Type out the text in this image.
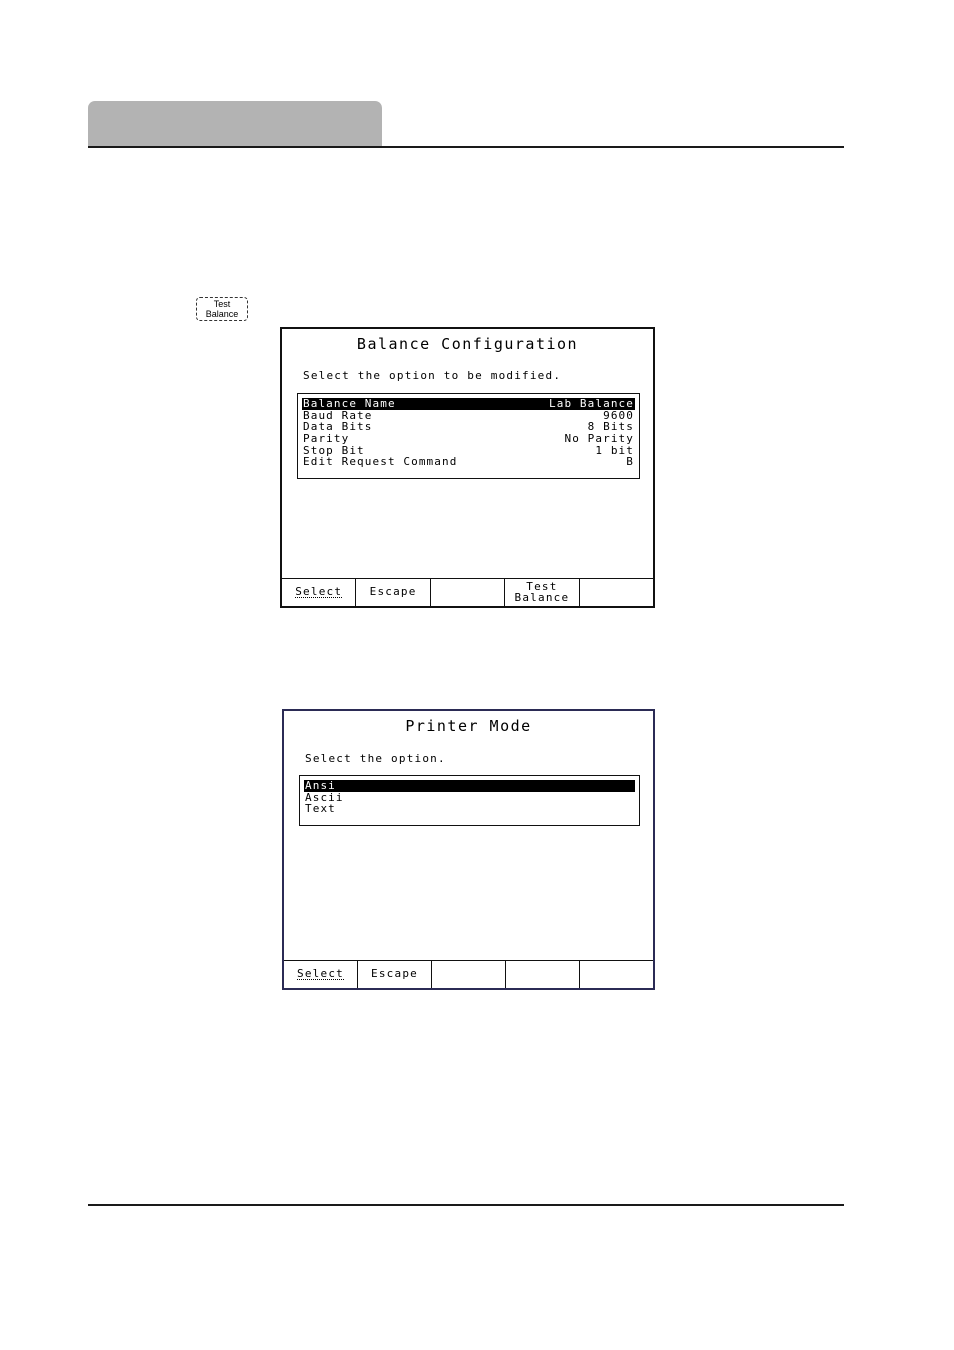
Test
Balance
Balance Configuration
Select the option to be modified.
Balance Name	Lab Balance
Baud Rate	9600
Data Bits	8 Bits
Parity	No Parity
Stop Bit	1 bit
Edit Request Command	B
Select Escape	Test
Balance
Printer Mode
Select the option.
Ansi
Ascii
Text
Select Escape
